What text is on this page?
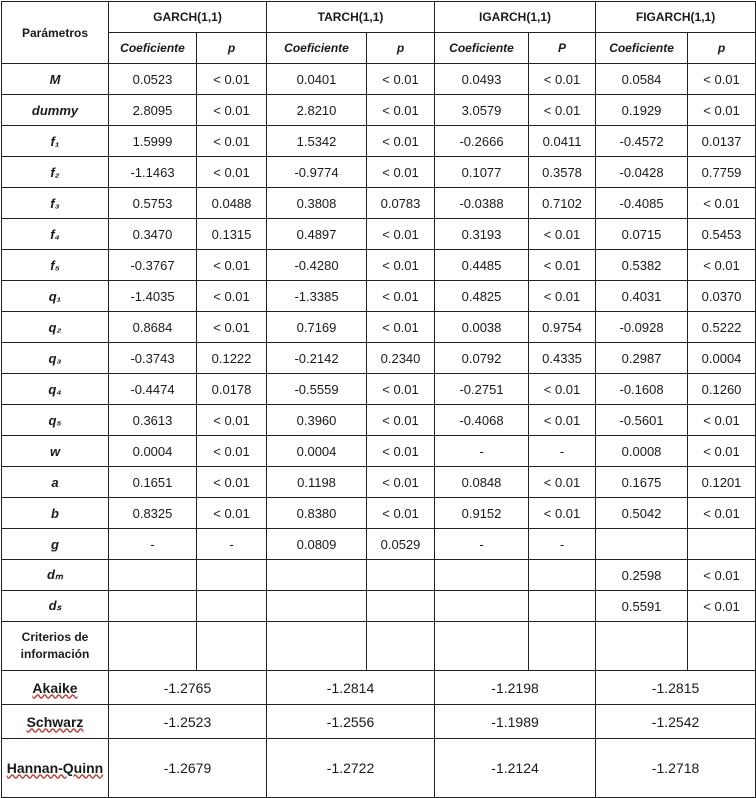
Parámetros	GARCH(1,1)		TARCH(1,1)		IGARCH(1,1)		FIGARCH(1,1)	
	Coeficiente	p	Coeficiente	p	Coeficiente	P	Coeficiente	p
M	0.0523	< 0.01	0.0401	< 0.01	0.0493	< 0.01	0.0584	< 0.01
dummy	2.8095	< 0.01	2.8210	< 0.01	3.0579	< 0.01	0.1929	< 0.01
f₁	1.5999	< 0.01	1.5342	< 0.01	-0.2666	0.0411	-0.4572	0.0137
f₂	-1.1463	< 0.01	-0.9774	< 0.01	0.1077	0.3578	-0.0428	0.7759
f₃	0.5753	0.0488	0.3808	0.0783	-0.0388	0.7102	-0.4085	< 0.01
f₄	0.3470	0.1315	0.4897	< 0.01	0.3193	< 0.01	0.0715	0.5453
f₅	-0.3767	< 0.01	-0.4280	< 0.01	0.4485	< 0.01	0.5382	< 0.01
q₁	-1.4035	< 0.01	-1.3385	< 0.01	0.4825	< 0.01	0.4031	0.0370
q₂	0.8684	< 0.01	0.7169	< 0.01	0.0038	0.9754	-0.0928	0.5222
q₃	-0.3743	0.1222	-0.2142	0.2340	0.0792	0.4335	0.2987	0.0004
q₄	-0.4474	0.0178	-0.5559	< 0.01	-0.2751	< 0.01	-0.1608	0.1260
q₅	0.3613	< 0.01	0.3960	< 0.01	-0.4068	< 0.01	-0.5601	< 0.01
w	0.0004	< 0.01	0.0004	< 0.01	-	-	0.0008	< 0.01
a	0.1651	< 0.01	0.1198	< 0.01	0.0848	< 0.01	0.1675	0.1201
b	0.8325	< 0.01	0.8380	< 0.01	0.9152	< 0.01	0.5042	< 0.01
g	-	-	0.0809	0.0529	-	-		
dₘ							0.2598	< 0.01
dₛ							0.5591	< 0.01
Criterios de información								
Akaike	-1.2765		-1.2814		-1.2198		-1.2815	
Schwarz	-1.2523		-1.2556		-1.1989		-1.2542	
Hannan-Quinn	-1.2679		-1.2722		-1.2124		-1.2718	
